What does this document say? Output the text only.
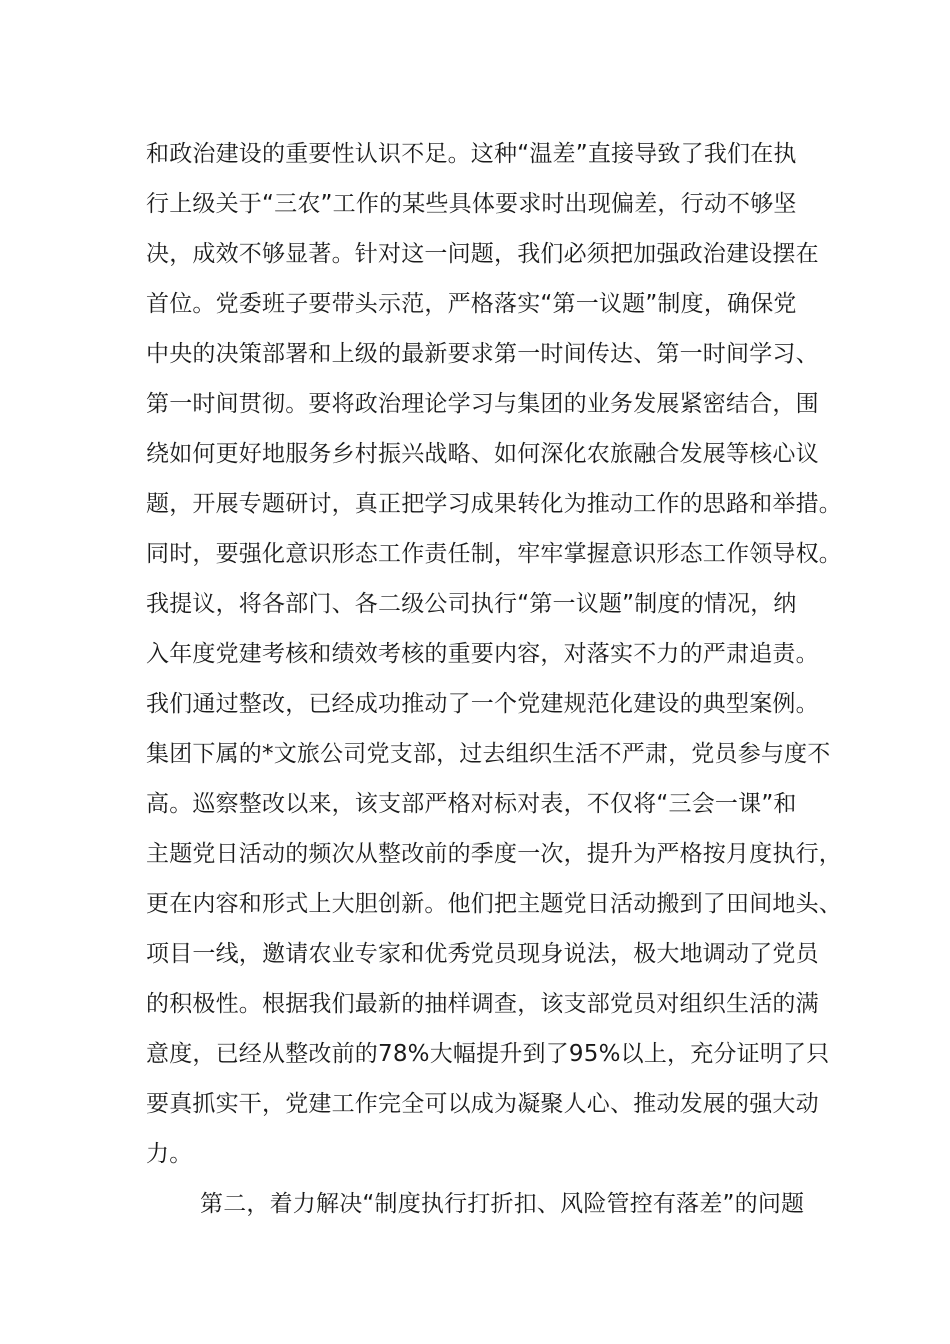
和政治建设的重要性认识不足。这种“温差”直接导致了我们在执
行上级关于“三农”工作的某些具体要求时出现偏差，行动不够坚
决，成效不够显著。针对这一问题，我们必须把加强政治建设摆在
首位。党委班子要带头示范，严格落实“第一议题”制度，确保党
中央的决策部署和上级的最新要求第一时间传达、第一时间学习、
第一时间贯彻。要将政治理论学习与集团的业务发展紧密结合，围
绕如何更好地服务乡村振兴战略、如何深化农旅融合发展等核心议
题，开展专题研讨，真正把学习成果转化为推动工作的思路和举措。
同时，要强化意识形态工作责任制，牢牢掌握意识形态工作领导权。
我提议，将各部门、各二级公司执行“第一议题”制度的情况，纳
入年度党建考核和绩效考核的重要内容，对落实不力的严肃追责。
我们通过整改，已经成功推动了一个党建规范化建设的典型案例。
集团下属的*文旅公司党支部，过去组织生活不严肃，党员参与度不
高。巡察整改以来，该支部严格对标对表，不仅将“三会一课”和
主题党日活动的频次从整改前的季度一次，提升为严格按月度执行，
更在内容和形式上大胆创新。他们把主题党日活动搬到了田间地头、
项目一线，邀请农业专家和优秀党员现身说法，极大地调动了党员
的积极性。根据我们最新的抽样调查，该支部党员对组织生活的满
意度，已经从整改前的78%大幅提升到了95%以上，充分证明了只
要真抓实干，党建工作完全可以成为凝聚人心、推动发展的强大动
力。
第二，着力解决“制度执行打折扣、风险管控有落差”的问题
